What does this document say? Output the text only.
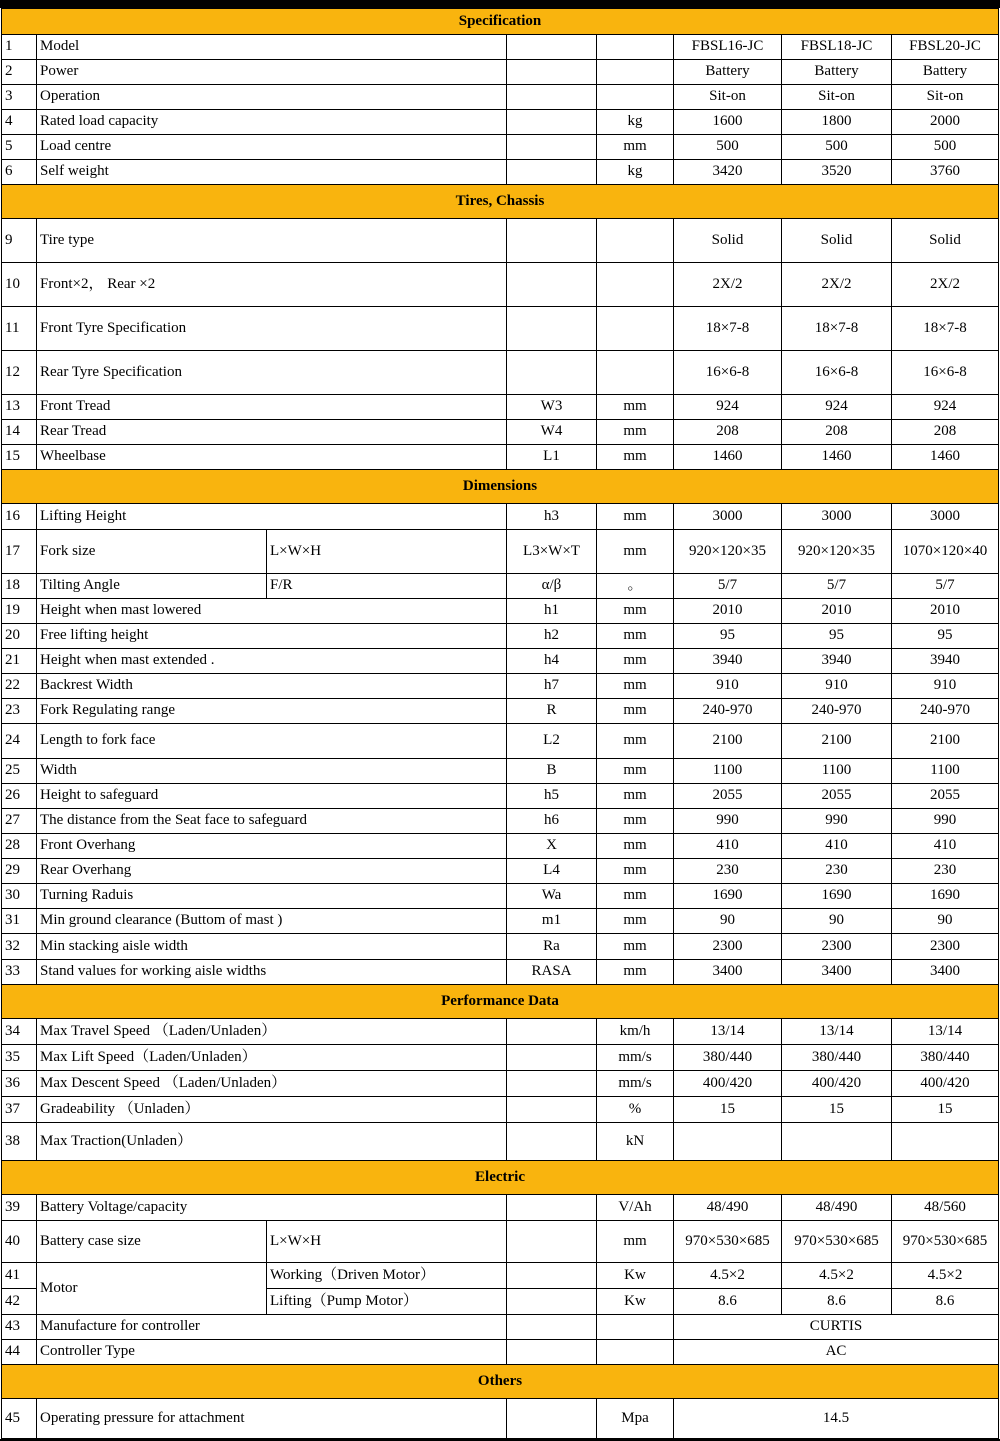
Specification							
1	Model				FBSL16-JC	FBSL18-JC	FBSL20-JC
2	Power				Battery	Battery	Battery
3	Operation				Sit-on	Sit-on	Sit-on
4	Rated load capacity			kg	1600	1800	2000
5	Load centre			mm	500	500	500
6	Self weight			kg	3420	3520	3760
Tires, Chassis							
9	Tire type				Solid	Solid	Solid
10	Front×2， Rear ×2				2X/2	2X/2	2X/2
11	Front Tyre Specification				18×7-8	18×7-8	18×7-8
12	Rear Tyre Specification				16×6-8	16×6-8	16×6-8
13	Front Tread		W3	mm	924	924	924
14	Rear Tread		W4	mm	208	208	208
15	Wheelbase		L1	mm	1460	1460	1460
Dimensions							
16	Lifting Height		h3	mm	3000	3000	3000
17	Fork size	L×W×H	L3×W×T	mm	920×120×35	920×120×35	1070×120×40
18	Tilting Angle	F/R	α/β	。	5/7	5/7	5/7
19	Height when mast lowered		h1	mm	2010	2010	2010
20	Free lifting height		h2	mm	95	95	95
21	Height when mast extended .		h4	mm	3940	3940	3940
22	Backrest Width		h7	mm	910	910	910
23	Fork Regulating range		R	mm	240-970	240-970	240-970
24	Length to fork face		L2	mm	2100	2100	2100
25	Width		B	mm	1100	1100	1100
26	Height to safeguard		h5	mm	2055	2055	2055
27	The distance from the Seat face to safeguard		h6	mm	990	990	990
28	Front Overhang		X	mm	410	410	410
29	Rear Overhang		L4	mm	230	230	230
30	Turning Raduis		Wa	mm	1690	1690	1690
31	Min ground clearance (Buttom of mast )		m1	mm	90	90	90
32	Min stacking aisle width		Ra	mm	2300	2300	2300
33	Stand values for working aisle widths		RASA	mm	3400	3400	3400
Performance Data							
34	Max Travel Speed （Laden/Unladen）			km/h	13/14	13/14	13/14
35	Max Lift Speed（Laden/Unladen）			mm/s	380/440	380/440	380/440
36	Max Descent Speed （Laden/Unladen）			mm/s	400/420	400/420	400/420
37	Gradeability （Unladen）			%	15	15	15
38	Max Traction(Unladen）			kN			
Electric							
39	Battery Voltage/capacity			V/Ah	48/490	48/490	48/560
40	Battery case size	L×W×H		mm	970×530×685	970×530×685	970×530×685
41	Motor	Working（Driven Motor）		Kw	4.5×2	4.5×2	4.5×2
42		Lifting（Pump Motor）		Kw	8.6	8.6	8.6
43	Manufacture for controller				CURTIS		
44	Controller Type				AC		
Others							
45	Operating pressure for attachment			Mpa	14.5		
